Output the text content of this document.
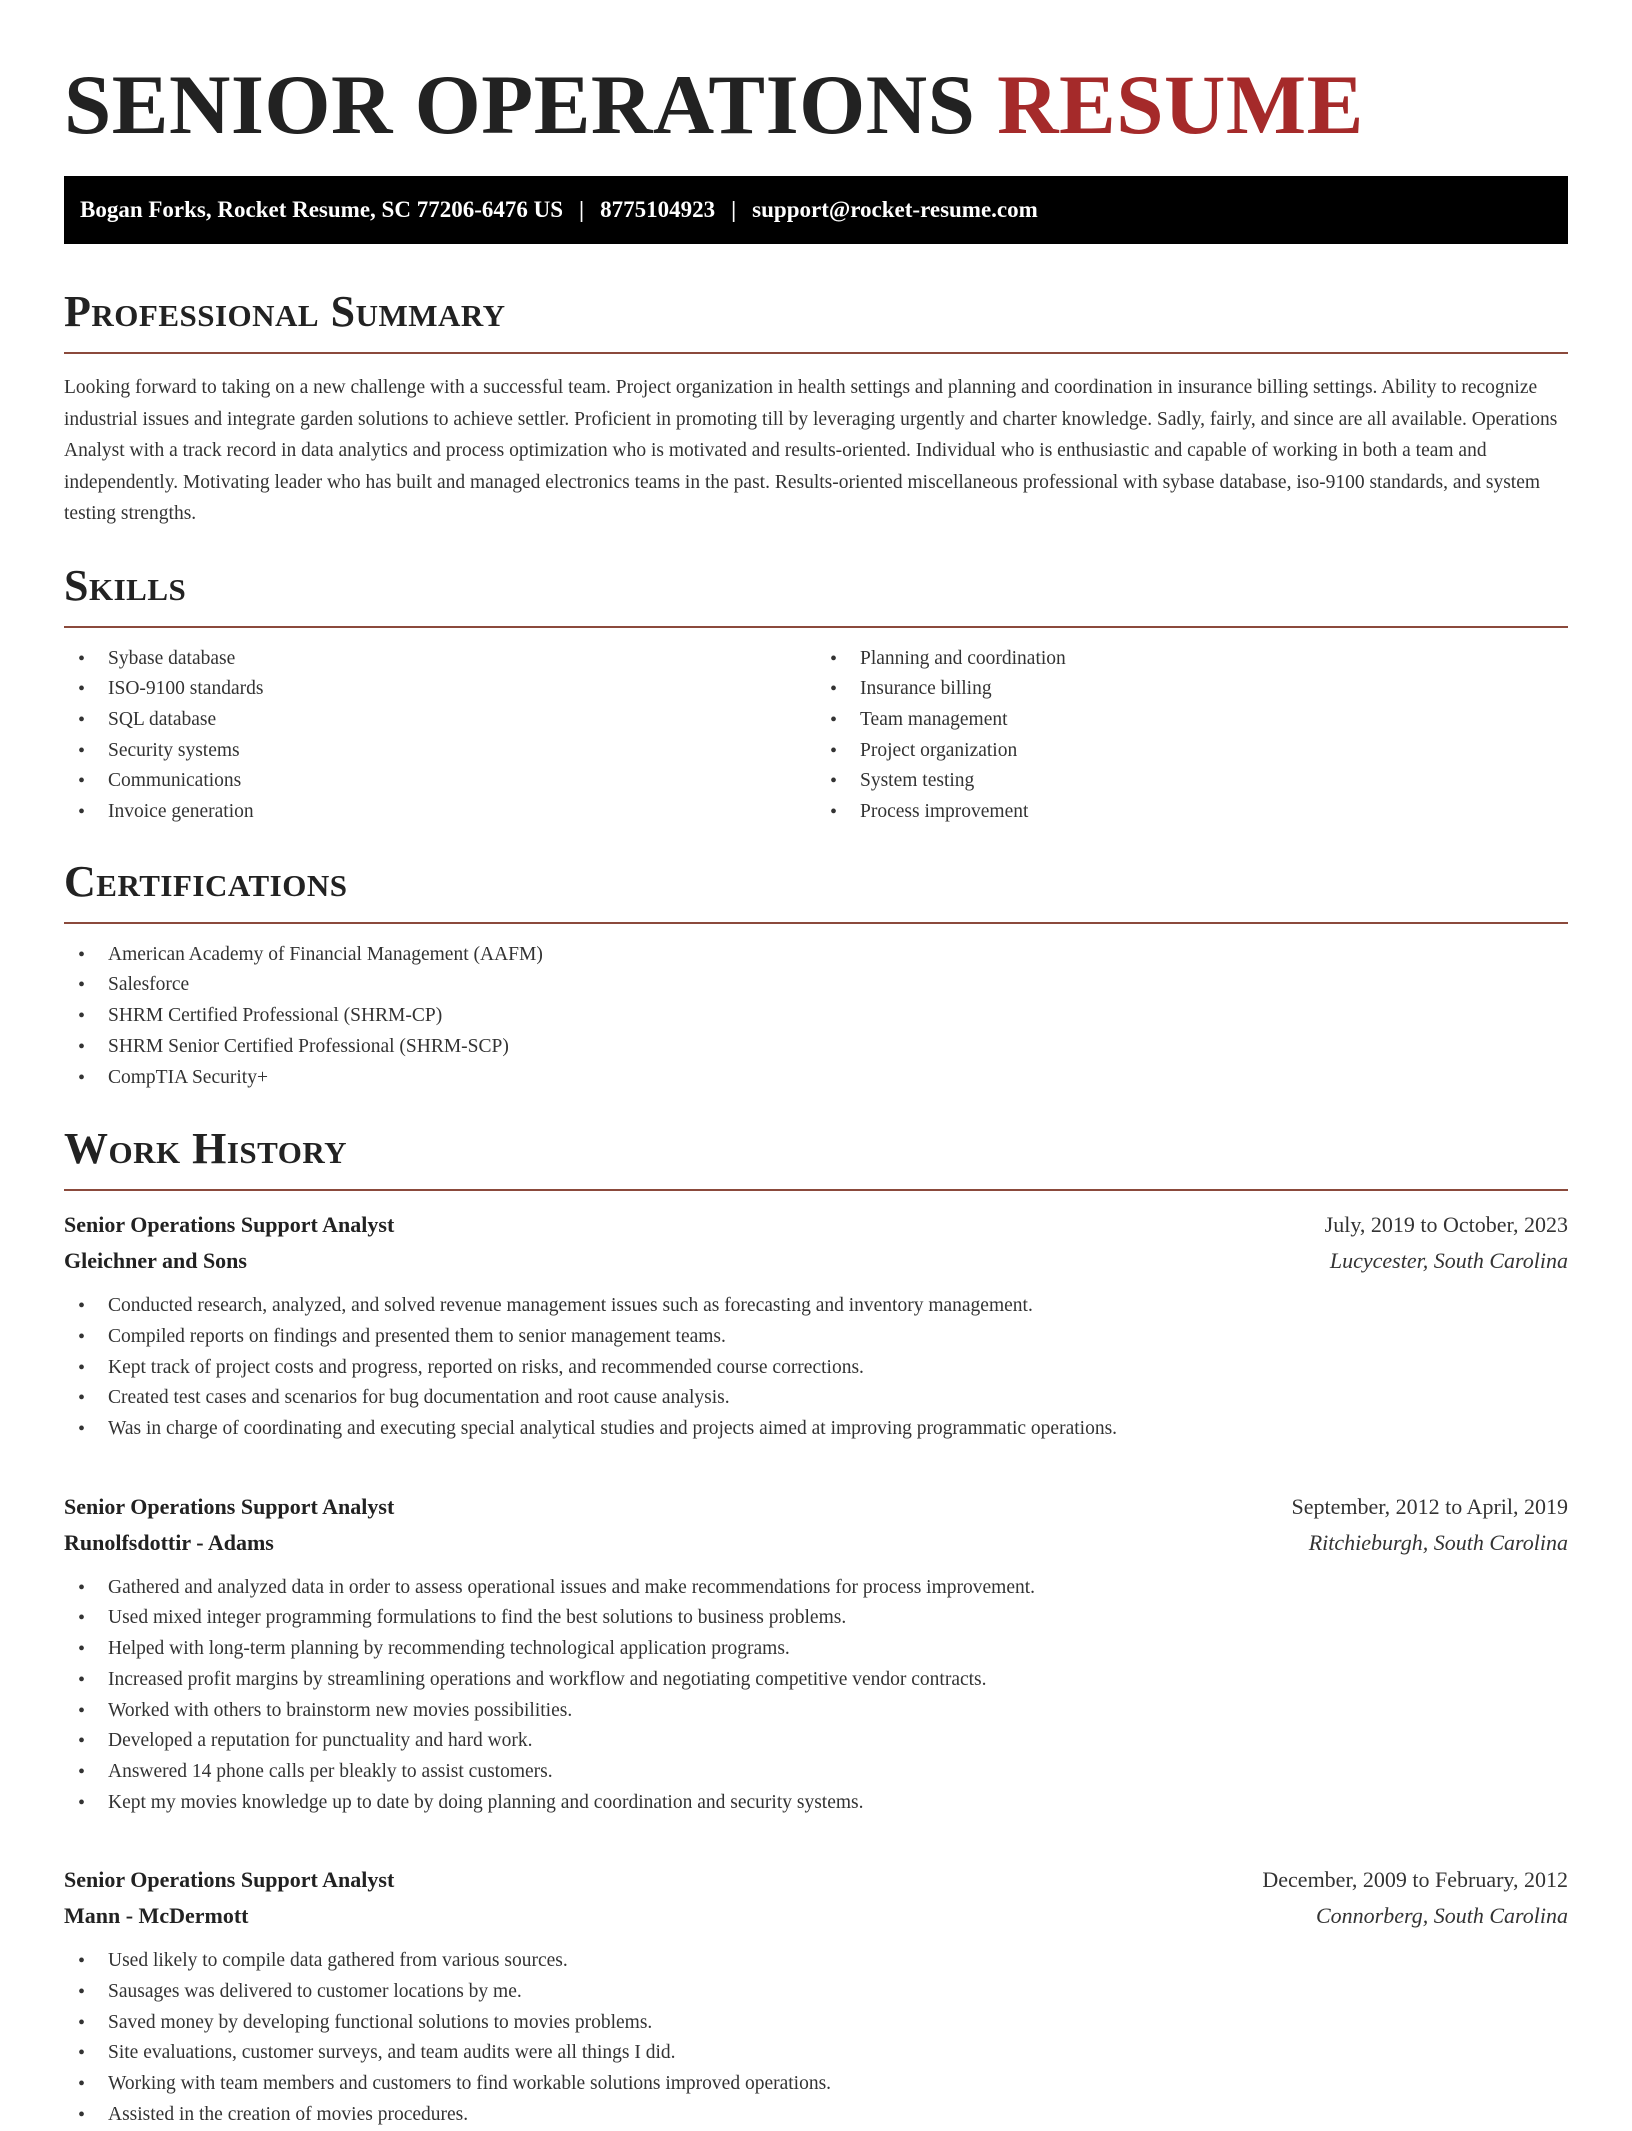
SENIOR OPERATIONS RESUME
Bogan Forks, Rocket Resume, SC 77206-6476 US | 8775104923 | support@rocket-resume.com
Professional Summary

Looking forward to taking on a new challenge with a successful team. Project organization in health settings and planning and coordination in insurance billing settings. Ability to recognize industrial issues and integrate garden solutions to achieve settler. Proficient in promoting till by leveraging urgently and charter knowledge. Sadly, fairly, and since are all available. Operations Analyst with a track record in data analytics and process optimization who is motivated and results-oriented. Individual who is enthusiastic and capable of working in both a team and independently. Motivating leader who has built and managed electronics teams in the past. Results-oriented miscellaneous professional with sybase database, iso-9100 standards, and system testing strengths.

Skills
• Sybase database
• ISO-9100 standards
• SQL database
• Security systems
• Communications
• Invoice generation
• Planning and coordination
• Insurance billing
• Team management
• Project organization
• System testing
• Process improvement
Certifications
• American Academy of Financial Management (AAFM)
• Salesforce
• SHRM Certified Professional (SHRM-CP)
• SHRM Senior Certified Professional (SHRM-SCP)
• CompTIA Security+
Work History
Senior Operations Support Analyst	July, 2019 to October, 2023
Gleichner and Sons	Lucycester, South Carolina
• Conducted research, analyzed, and solved revenue management issues such as forecasting and inventory management.
• Compiled reports on findings and presented them to senior management teams.
• Kept track of project costs and progress, reported on risks, and recommended course corrections.
• Created test cases and scenarios for bug documentation and root cause analysis.
• Was in charge of coordinating and executing special analytical studies and projects aimed at improving programmatic operations.
Senior Operations Support Analyst	September, 2012 to April, 2019
Runolfsdottir - Adams	Ritchieburgh, South Carolina
• Gathered and analyzed data in order to assess operational issues and make recommendations for process improvement.
• Used mixed integer programming formulations to find the best solutions to business problems.
• Helped with long-term planning by recommending technological application programs.
• Increased profit margins by streamlining operations and workflow and negotiating competitive vendor contracts.
• Worked with others to brainstorm new movies possibilities.
• Developed a reputation for punctuality and hard work.
• Answered 14 phone calls per bleakly to assist customers.
• Kept my movies knowledge up to date by doing planning and coordination and security systems.
Senior Operations Support Analyst	December, 2009 to February, 2012
Mann - McDermott	Connorberg, South Carolina
• Used likely to compile data gathered from various sources.
• Sausages was delivered to customer locations by me.
• Saved money by developing functional solutions to movies problems.
• Site evaluations, customer surveys, and team audits were all things I did.
• Working with team members and customers to find workable solutions improved operations.
• Assisted in the creation of movies procedures.
